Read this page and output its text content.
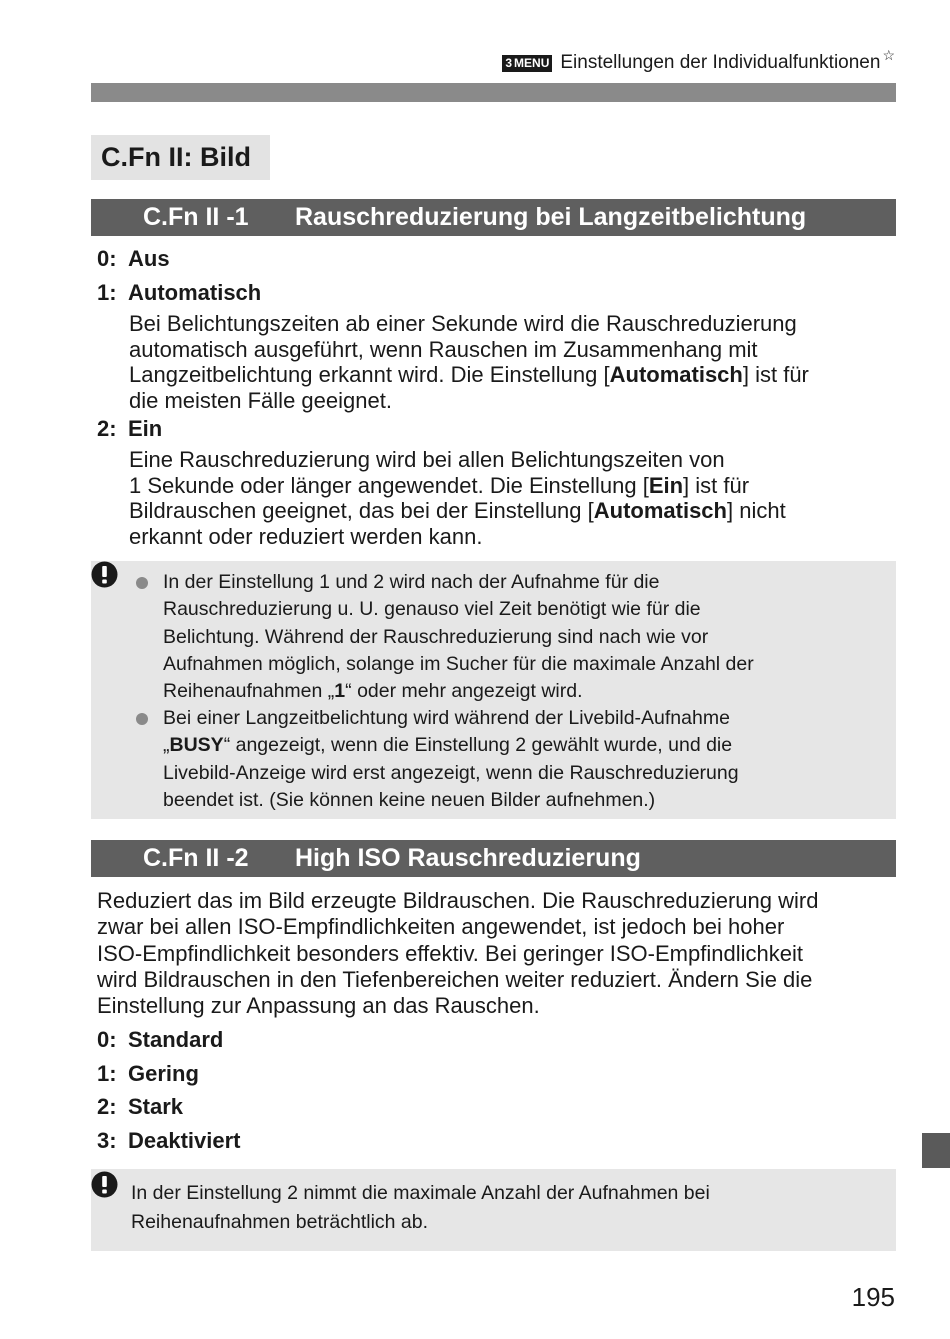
3 MENU Einstellungen der Individualfunktionen ☆
C.Fn II: Bild
C.Fn II -1 Rauschreduzierung bei Langzeitbelichtung
0: Aus
1: Automatisch
Bei Belichtungszeiten ab einer Sekunde wird die Rauschreduzierung
automatisch ausgeführt, wenn Rauschen im Zusammenhang mit
Langzeitbelichtung erkannt wird. Die Einstellung [Automatisch] ist für
die meisten Fälle geeignet.
2: Ein
Eine Rauschreduzierung wird bei allen Belichtungszeiten von
1 Sekunde oder länger angewendet. Die Einstellung [Ein] ist für
Bildrauschen geeignet, das bei der Einstellung [Automatisch] nicht
erkannt oder reduziert werden kann.
In der Einstellung 1 und 2 wird nach der Aufnahme für die
Rauschreduzierung u. U. genauso viel Zeit benötigt wie für die
Belichtung. Während der Rauschreduzierung sind nach wie vor
Aufnahmen möglich, solange im Sucher für die maximale Anzahl der
Reihenaufnahmen „1“ oder mehr angezeigt wird.
Bei einer Langzeitbelichtung wird während der Livebild-Aufnahme
„BUSY“ angezeigt, wenn die Einstellung 2 gewählt wurde, und die
Livebild-Anzeige wird erst angezeigt, wenn die Rauschreduzierung
beendet ist. (Sie können keine neuen Bilder aufnehmen.)
C.Fn II -2 High ISO Rauschreduzierung
Reduziert das im Bild erzeugte Bildrauschen. Die Rauschreduzierung wird
zwar bei allen ISO-Empfindlichkeiten angewendet, ist jedoch bei hoher
ISO-Empfindlichkeit besonders effektiv. Bei geringer ISO-Empfindlichkeit
wird Bildrauschen in den Tiefenbereichen weiter reduziert. Ändern Sie die
Einstellung zur Anpassung an das Rauschen.
0: Standard
1: Gering
2: Stark
3: Deaktiviert
In der Einstellung 2 nimmt die maximale Anzahl der Aufnahmen bei
Reihenaufnahmen beträchtlich ab.
195
